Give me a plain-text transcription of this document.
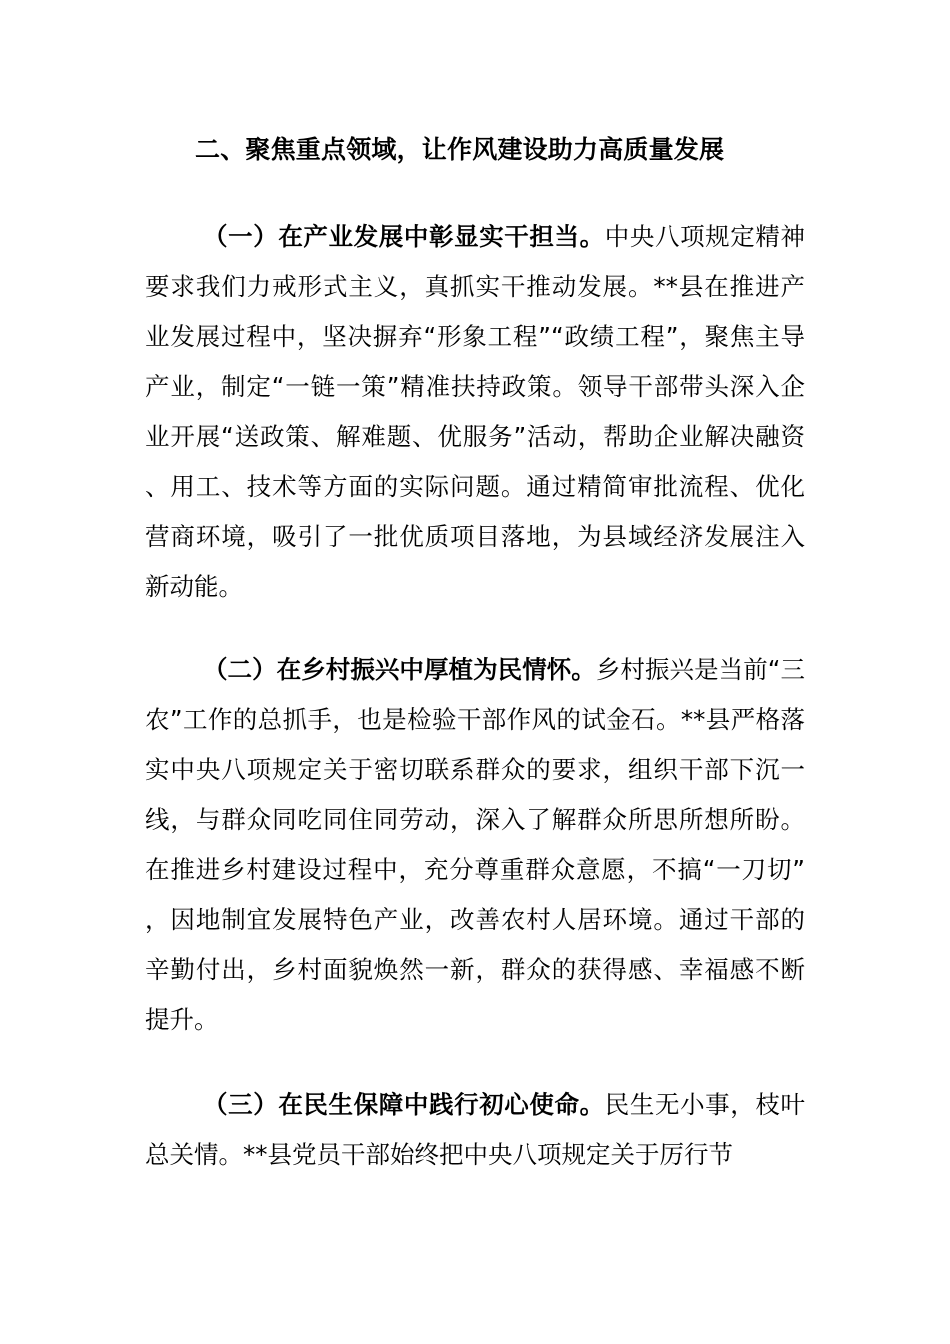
二、聚焦重点领域，让作风建设助力高质量发展

（一）在产业发展中彰显实干担当。中央八项规定精神要求我们力戒形式主义，真抓实干推动发展。**县在推进产业发展过程中，坚决摒弃“形象工程”“政绩工程”，聚焦主导产业，制定“一链一策”精准扶持政策。领导干部带头深入企业开展“送政策、解难题、优服务”活动，帮助企业解决融资、用工、技术等方面的实际问题。通过精简审批流程、优化营商环境，吸引了一批优质项目落地，为县域经济发展注入新动能。

（二）在乡村振兴中厚植为民情怀。乡村振兴是当前“三农”工作的总抓手，也是检验干部作风的试金石。**县严格落实中央八项规定关于密切联系群众的要求，组织干部下沉一线，与群众同吃同住同劳动，深入了解群众所思所想所盼。在推进乡村建设过程中，充分尊重群众意愿，不搞“一刀切”，因地制宜发展特色产业，改善农村人居环境。通过干部的辛勤付出，乡村面貌焕然一新，群众的获得感、幸福感不断提升。

（三）在民生保障中践行初心使命。民生无小事，枝叶总关情。**县党员干部始终把中央八项规定关于厉行节
